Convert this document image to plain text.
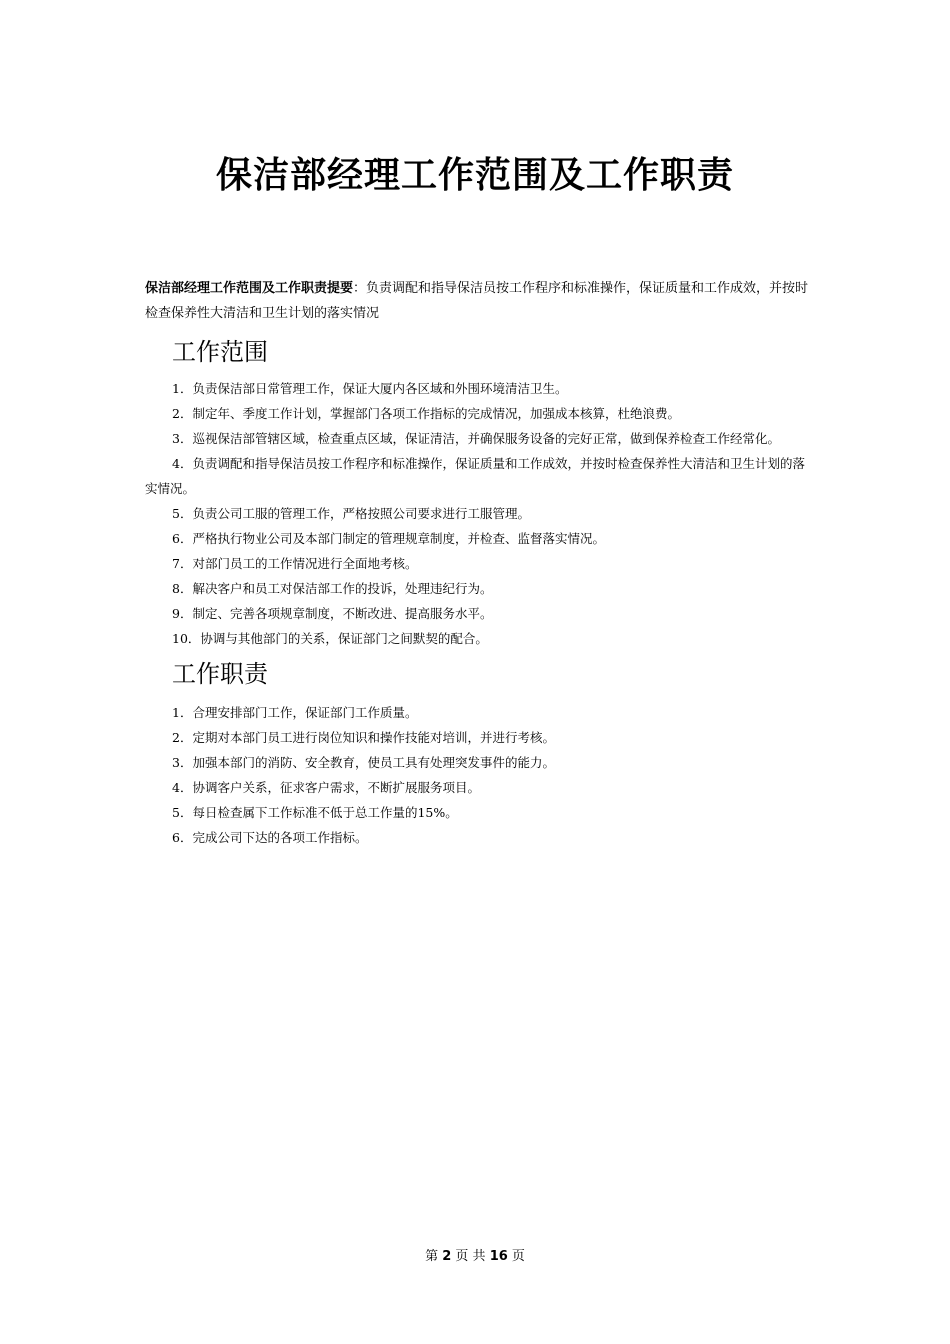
保洁部经理工作范围及工作职责
保洁部经理工作范围及工作职责提要：负责调配和指导保洁员按工作程序和标准操作，保证质量和工作成效，并按时检查保养性大清洁和卫生计划的落实情况
工作范围

1．负责保洁部日常管理工作，保证大厦内各区域和外围环境清洁卫生。

2．制定年、季度工作计划，掌握部门各项工作指标的完成情况，加强成本核算，杜绝浪费。

3．巡视保洁部管辖区域，检查重点区域，保证清洁，并确保服务设备的完好正常，做到保养检查工作经常化。

4．负责调配和指导保洁员按工作程序和标准操作，保证质量和工作成效，并按时检查保养性大清洁和卫生计划的落实情况。

5．负责公司工服的管理工作，严格按照公司要求进行工服管理。

6．严格执行物业公司及本部门制定的管理规章制度，并检查、监督落实情况。

7．对部门员工的工作情况进行全面地考核。

8．解决客户和员工对保洁部工作的投诉，处理违纪行为。

9．制定、完善各项规章制度，不断改进、提高服务水平。

10．协调与其他部门的关系，保证部门之间默契的配合。

工作职责

1．合理安排部门工作，保证部门工作质量。

2．定期对本部门员工进行岗位知识和操作技能对培训，并进行考核。

3．加强本部门的消防、安全教育，使员工具有处理突发事件的能力。

4．协调客户关系，征求客户需求，不断扩展服务项目。

5．每日检查属下工作标准不低于总工作量的15%。

6．完成公司下达的各项工作指标。

第 2 页 共 16 页
